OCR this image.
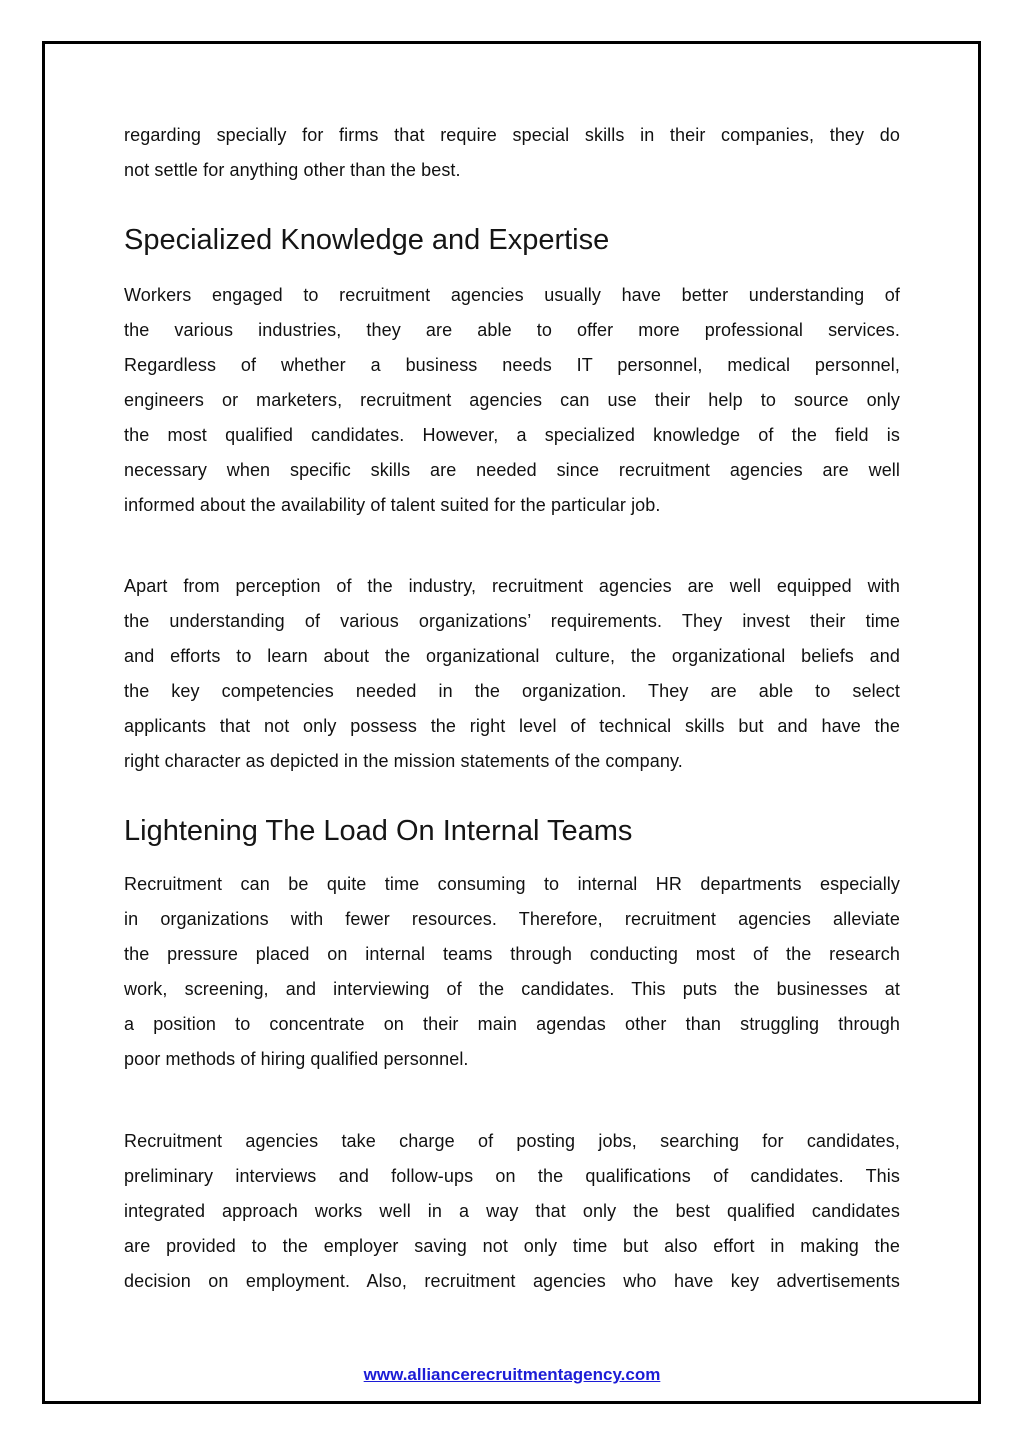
regarding specially for firms that require special skills in their companies, they do
not settle for anything other than the best.
Specialized Knowledge and Expertise
Workers engaged to recruitment agencies usually have better understanding of
the various industries, they are able to offer more professional services.
Regardless of whether a business needs IT personnel, medical personnel,
engineers or marketers, recruitment agencies can use their help to source only
the most qualified candidates. However, a specialized knowledge of the field is
necessary when specific skills are needed since recruitment agencies are well
informed about the availability of talent suited for the particular job.
Apart from perception of the industry, recruitment agencies are well equipped with
the understanding of various organizations’ requirements. They invest their time
and efforts to learn about the organizational culture, the organizational beliefs and
the key competencies needed in the organization. They are able to select
applicants that not only possess the right level of technical skills but and have the
right character as depicted in the mission statements of the company.
Lightening The Load On Internal Teams
Recruitment can be quite time consuming to internal HR departments especially
in organizations with fewer resources. Therefore, recruitment agencies alleviate
the pressure placed on internal teams through conducting most of the research
work, screening, and interviewing of the candidates. This puts the businesses at
a position to concentrate on their main agendas other than struggling through
poor methods of hiring qualified personnel.
Recruitment agencies take charge of posting jobs, searching for candidates,
preliminary interviews and follow-ups on the qualifications of candidates. This
integrated approach works well in a way that only the best qualified candidates
are provided to the employer saving not only time but also effort in making the
decision on employment. Also, recruitment agencies who have key advertisements
www.alliancerecruitmentagency.com
